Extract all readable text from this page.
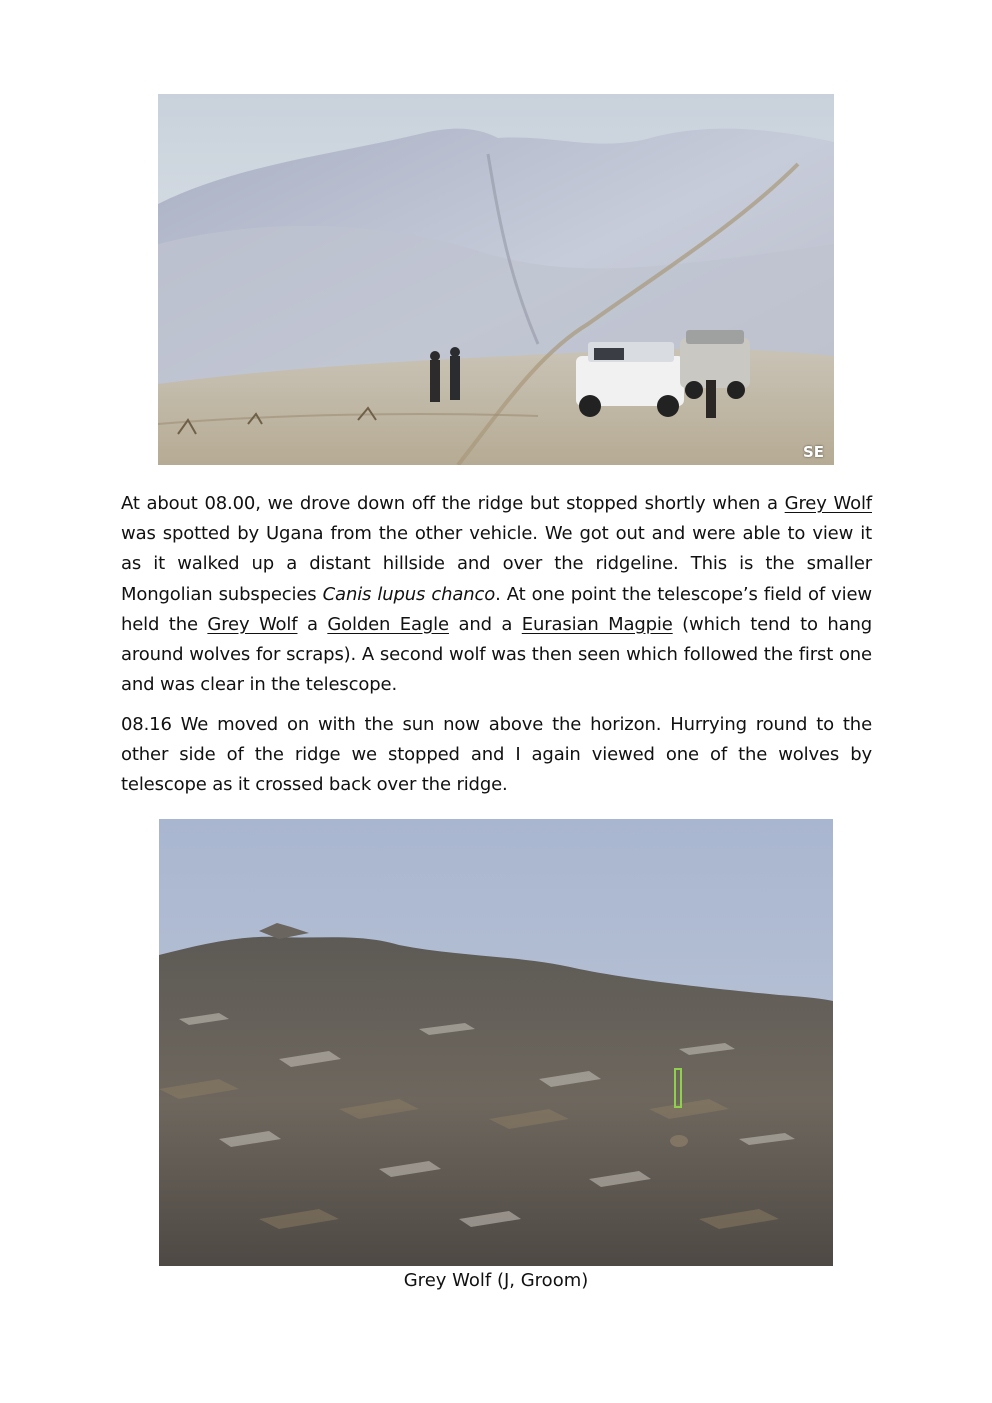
SE

At about 08.00, we drove down off the ridge but stopped shortly when a Grey Wolf was spotted by Ugana from the other vehicle. We got out and were able to view it as it walked up a distant hillside and over the ridgeline. This is the smaller Mongolian subspecies Canis lupus chanco. At one point the telescope’s field of view held the Grey Wolf a Golden Eagle and a Eurasian Magpie (which tend to hang around wolves for scraps). A second wolf was then seen which followed the first one and was clear in the telescope.

08.16 We moved on with the sun now above the horizon. Hurrying round to the other side of the ridge we stopped and I again viewed one of the wolves by telescope as it crossed back over the ridge.

Grey Wolf (J, Groom)
